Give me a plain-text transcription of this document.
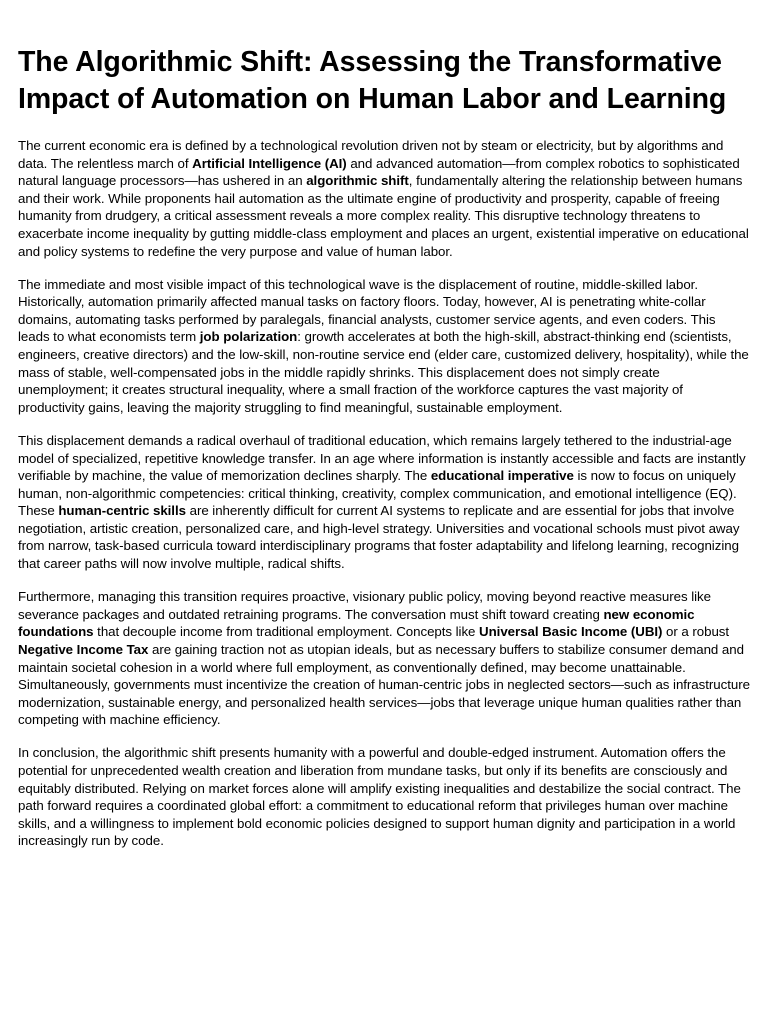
The Algorithmic Shift: Assessing the Transformative Impact of Automation on Human Labor and Learning

The current economic era is defined by a technological revolution driven not by steam or electricity, but by algorithms and data. The relentless march of Artificial Intelligence (AI) and advanced automation—from complex robotics to sophisticated natural language processors—has ushered in an algorithmic shift, fundamentally altering the relationship between humans and their work. While proponents hail automation as the ultimate engine of productivity and prosperity, capable of freeing humanity from drudgery, a critical assessment reveals a more complex reality. This disruptive technology threatens to exacerbate income inequality by gutting middle-class employment and places an urgent, existential imperative on educational and policy systems to redefine the very purpose and value of human labor.

The immediate and most visible impact of this technological wave is the displacement of routine, middle-skilled labor. Historically, automation primarily affected manual tasks on factory floors. Today, however, AI is penetrating white-collar domains, automating tasks performed by paralegals, financial analysts, customer service agents, and even coders. This leads to what economists term job polarization: growth accelerates at both the high-skill, abstract-thinking end (scientists, engineers, creative directors) and the low-skill, non-routine service end (elder care, customized delivery, hospitality), while the mass of stable, well-compensated jobs in the middle rapidly shrinks. This displacement does not simply create unemployment; it creates structural inequality, where a small fraction of the workforce captures the vast majority of productivity gains, leaving the majority struggling to find meaningful, sustainable employment.

This displacement demands a radical overhaul of traditional education, which remains largely tethered to the industrial-age model of specialized, repetitive knowledge transfer. In an age where information is instantly accessible and facts are instantly verifiable by machine, the value of memorization declines sharply. The educational imperative is now to focus on uniquely human, non-algorithmic competencies: critical thinking, creativity, complex communication, and emotional intelligence (EQ). These human-centric skills are inherently difficult for current AI systems to replicate and are essential for jobs that involve negotiation, artistic creation, personalized care, and high-level strategy. Universities and vocational schools must pivot away from narrow, task-based curricula toward interdisciplinary programs that foster adaptability and lifelong learning, recognizing that career paths will now involve multiple, radical shifts.

Furthermore, managing this transition requires proactive, visionary public policy, moving beyond reactive measures like severance packages and outdated retraining programs. The conversation must shift toward creating new economic foundations that decouple income from traditional employment. Concepts like Universal Basic Income (UBI) or a robust Negative Income Tax are gaining traction not as utopian ideals, but as necessary buffers to stabilize consumer demand and maintain societal cohesion in a world where full employment, as conventionally defined, may become unattainable. Simultaneously, governments must incentivize the creation of human-centric jobs in neglected sectors—such as infrastructure modernization, sustainable energy, and personalized health services—jobs that leverage unique human qualities rather than competing with machine efficiency.

In conclusion, the algorithmic shift presents humanity with a powerful and double-edged instrument. Automation offers the potential for unprecedented wealth creation and liberation from mundane tasks, but only if its benefits are consciously and equitably distributed. Relying on market forces alone will amplify existing inequalities and destabilize the social contract. The path forward requires a coordinated global effort: a commitment to educational reform that privileges human over machine skills, and a willingness to implement bold economic policies designed to support human dignity and participation in a world increasingly run by code.
